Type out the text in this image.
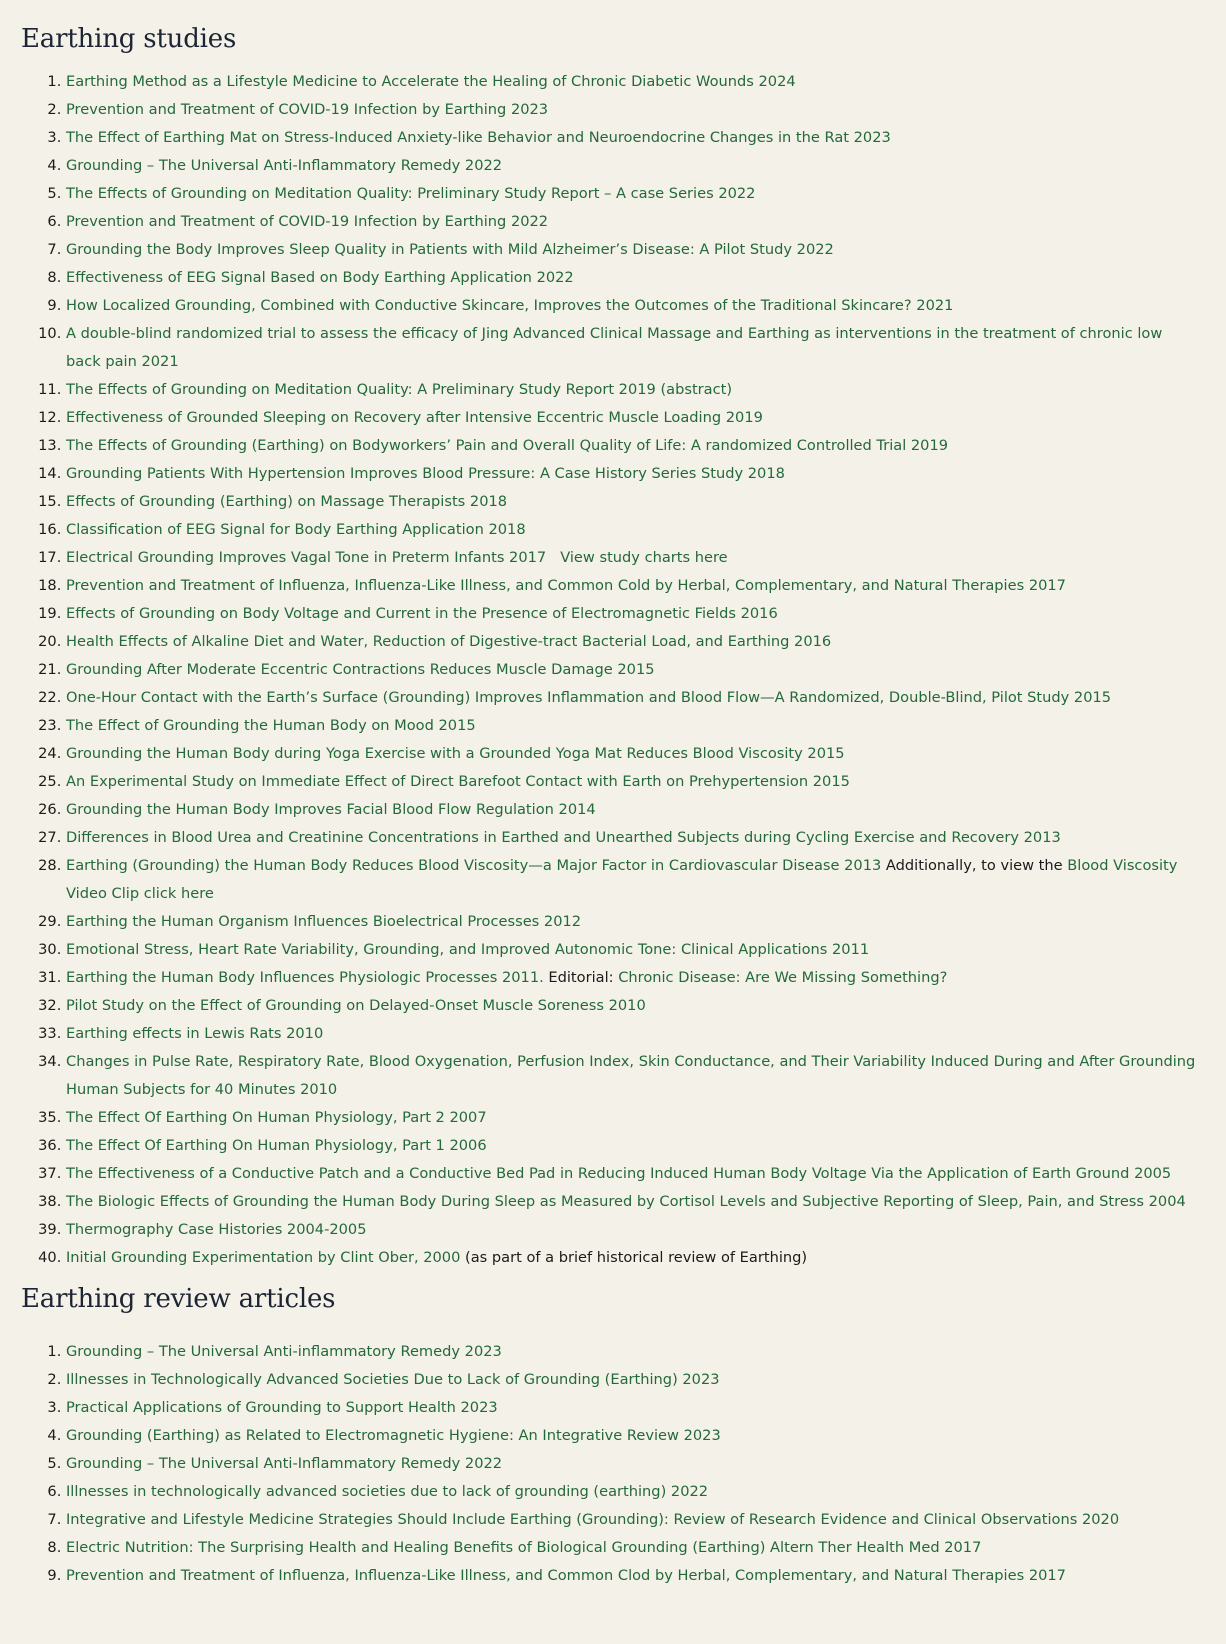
Earthing studies
1. Earthing Method as a Lifestyle Medicine to Accelerate the Healing of Chronic Diabetic Wounds 2024
2. Prevention and Treatment of COVID-19 Infection by Earthing 2023
3. The Effect of Earthing Mat on Stress-Induced Anxiety-like Behavior and Neuroendocrine Changes in the Rat 2023
4. Grounding – The Universal Anti-Inflammatory Remedy 2022
5. The Effects of Grounding on Meditation Quality: Preliminary Study Report – A case Series 2022
6. Prevention and Treatment of COVID-19 Infection by Earthing 2022
7. Grounding the Body Improves Sleep Quality in Patients with Mild Alzheimer’s Disease: A Pilot Study 2022
8. Effectiveness of EEG Signal Based on Body Earthing Application 2022
9. How Localized Grounding, Combined with Conductive Skincare, Improves the Outcomes of the Traditional Skincare? 2021
10. A double-blind randomized trial to assess the efficacy of Jing Advanced Clinical Massage and Earthing as interventions in the treatment of chronic low back pain 2021
11. The Effects of Grounding on Meditation Quality: A Preliminary Study Report 2019 (abstract)
12. Effectiveness of Grounded Sleeping on Recovery after Intensive Eccentric Muscle Loading 2019
13. The Effects of Grounding (Earthing) on Bodyworkers’ Pain and Overall Quality of Life: A randomized Controlled Trial 2019
14. Grounding Patients With Hypertension Improves Blood Pressure: A Case History Series Study 2018
15. Effects of Grounding (Earthing) on Massage Therapists 2018
16. Classification of EEG Signal for Body Earthing Application 2018
17. Electrical Grounding Improves Vagal Tone in Preterm Infants 2017 View study charts here
18. Prevention and Treatment of Influenza, Influenza-Like Illness, and Common Cold by Herbal, Complementary, and Natural Therapies 2017
19. Effects of Grounding on Body Voltage and Current in the Presence of Electromagnetic Fields 2016
20. Health Effects of Alkaline Diet and Water, Reduction of Digestive-tract Bacterial Load, and Earthing 2016
21. Grounding After Moderate Eccentric Contractions Reduces Muscle Damage 2015
22. One-Hour Contact with the Earth’s Surface (Grounding) Improves Inflammation and Blood Flow—A Randomized, Double-Blind, Pilot Study 2015
23. The Effect of Grounding the Human Body on Mood 2015
24. Grounding the Human Body during Yoga Exercise with a Grounded Yoga Mat Reduces Blood Viscosity 2015
25. An Experimental Study on Immediate Effect of Direct Barefoot Contact with Earth on Prehypertension 2015
26. Grounding the Human Body Improves Facial Blood Flow Regulation 2014
27. Differences in Blood Urea and Creatinine Concentrations in Earthed and Unearthed Subjects during Cycling Exercise and Recovery 2013
28. Earthing (Grounding) the Human Body Reduces Blood Viscosity—a Major Factor in Cardiovascular Disease 2013 Additionally, to view the Blood Viscosity Video Clip click here
29. Earthing the Human Organism Influences Bioelectrical Processes 2012
30. Emotional Stress, Heart Rate Variability, Grounding, and Improved Autonomic Tone: Clinical Applications 2011
31. Earthing the Human Body Influences Physiologic Processes 2011. Editorial: Chronic Disease: Are We Missing Something?
32. Pilot Study on the Effect of Grounding on Delayed-Onset Muscle Soreness 2010
33. Earthing effects in Lewis Rats 2010
34. Changes in Pulse Rate, Respiratory Rate, Blood Oxygenation, Perfusion Index, Skin Conductance, and Their Variability Induced During and After Grounding Human Subjects for 40 Minutes 2010
35. The Effect Of Earthing On Human Physiology, Part 2 2007
36. The Effect Of Earthing On Human Physiology, Part 1 2006
37. The Effectiveness of a Conductive Patch and a Conductive Bed Pad in Reducing Induced Human Body Voltage Via the Application of Earth Ground 2005
38. The Biologic Effects of Grounding the Human Body During Sleep as Measured by Cortisol Levels and Subjective Reporting of Sleep, Pain, and Stress 2004
39. Thermography Case Histories 2004-2005
40. Initial Grounding Experimentation by Clint Ober, 2000 (as part of a brief historical review of Earthing)
Earthing review articles
1. Grounding – The Universal Anti-inflammatory Remedy 2023
2. Illnesses in Technologically Advanced Societies Due to Lack of Grounding (Earthing) 2023
3. Practical Applications of Grounding to Support Health 2023
4. Grounding (Earthing) as Related to Electromagnetic Hygiene: An Integrative Review 2023
5. Grounding – The Universal Anti-Inflammatory Remedy 2022
6. Illnesses in technologically advanced societies due to lack of grounding (earthing) 2022
7. Integrative and Lifestyle Medicine Strategies Should Include Earthing (Grounding): Review of Research Evidence and Clinical Observations 2020
8. Electric Nutrition: The Surprising Health and Healing Benefits of Biological Grounding (Earthing) Altern Ther Health Med 2017
9. Prevention and Treatment of Influenza, Influenza-Like Illness, and Common Clod by Herbal, Complementary, and Natural Therapies 2017
